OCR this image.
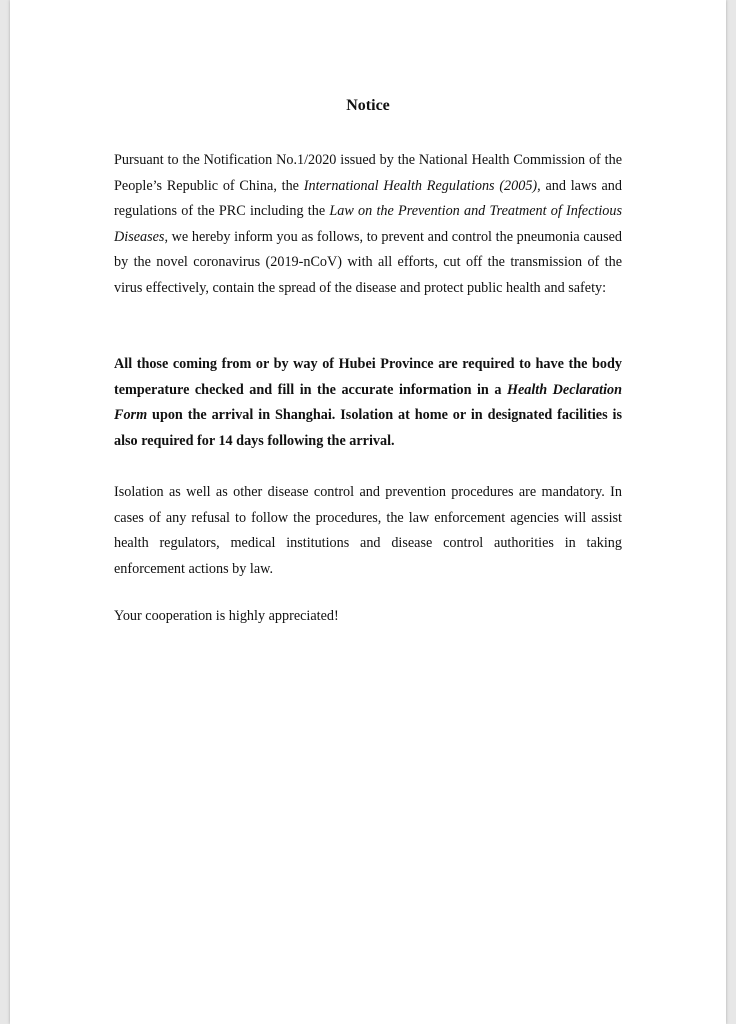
Notice

Pursuant to the Notification No.1/2020 issued by the National Health Commission of the People’s Republic of China, the International Health Regulations (2005), and laws and regulations of the PRC including the Law on the Prevention and Treatment of Infectious Diseases, we hereby inform you as follows, to prevent and control the pneumonia caused by the novel coronavirus (2019-nCoV) with all efforts, cut off the transmission of the virus effectively, contain the spread of the disease and protect public health and safety:

All those coming from or by way of Hubei Province are required to have the body temperature checked and fill in the accurate information in a Health Declaration Form upon the arrival in Shanghai. Isolation at home or in designated facilities is also required for 14 days following the arrival.

Isolation as well as other disease control and prevention procedures are mandatory. In cases of any refusal to follow the procedures, the law enforcement agencies will assist health regulators, medical institutions and disease control authorities in taking enforcement actions by law.

Your cooperation is highly appreciated!
